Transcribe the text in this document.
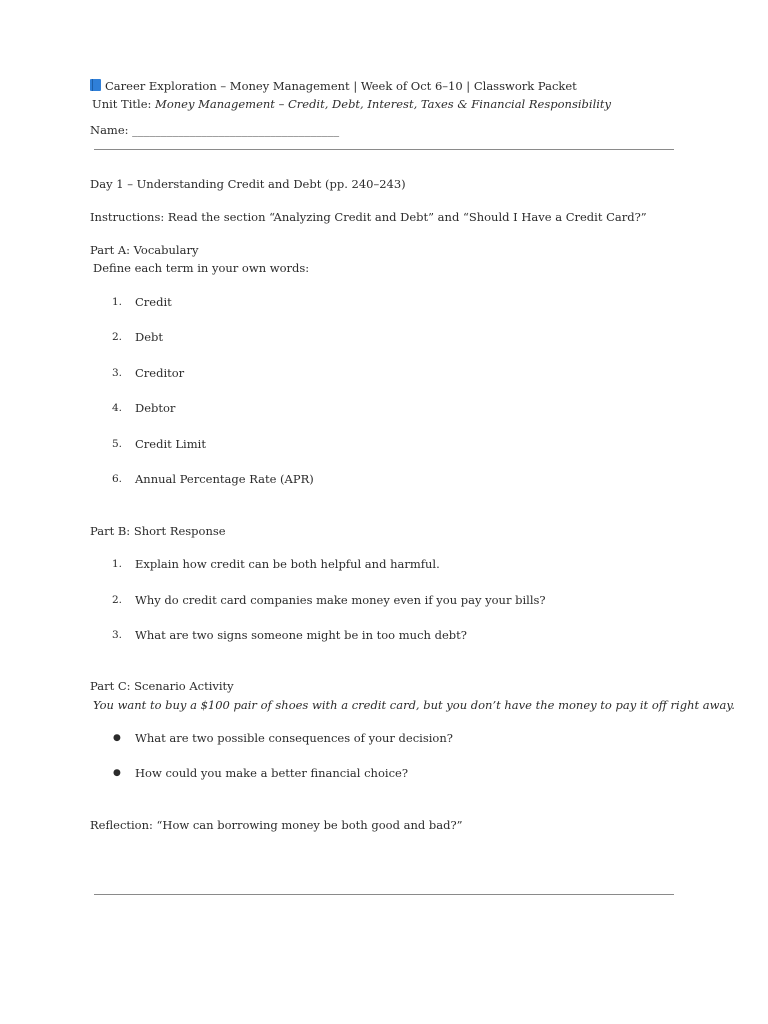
Career Exploration – Money Management | Week of Oct 6–10 | Classwork Packet
Unit Title: Money Management – Credit, Debt, Interest, Taxes & Financial Responsibility
Name: ____________________________________
Day 1 – Understanding Credit and Debt (pp. 240–243)
Instructions: Read the section “Analyzing Credit and Debt” and “Should I Have a Credit Card?”
Part A: Vocabulary
Define each term in your own words:
1. Credit
2. Debt
3. Creditor
4. Debtor
5. Credit Limit
6. Annual Percentage Rate (APR)
Part B: Short Response
1. Explain how credit can be both helpful and harmful.
2. Why do credit card companies make money even if you pay your bills?
3. What are two signs someone might be in too much debt?
Part C: Scenario Activity
You want to buy a $100 pair of shoes with a credit card, but you don’t have the money to pay it off right away.
● What are two possible consequences of your decision?
● How could you make a better financial choice?
Reflection: “How can borrowing money be both good and bad?”
